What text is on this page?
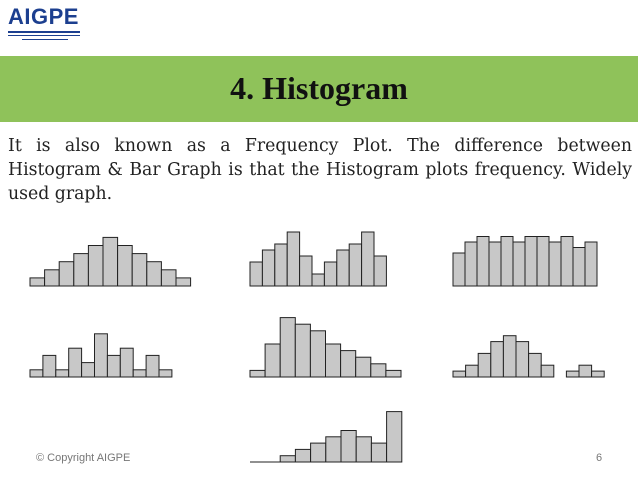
AIGPE
4. Histogram
It is also known as a Frequency Plot. The difference between Histogram & Bar Graph is that the Histogram plots frequency. Widely used graph.
© Copyright AIGPE	6
